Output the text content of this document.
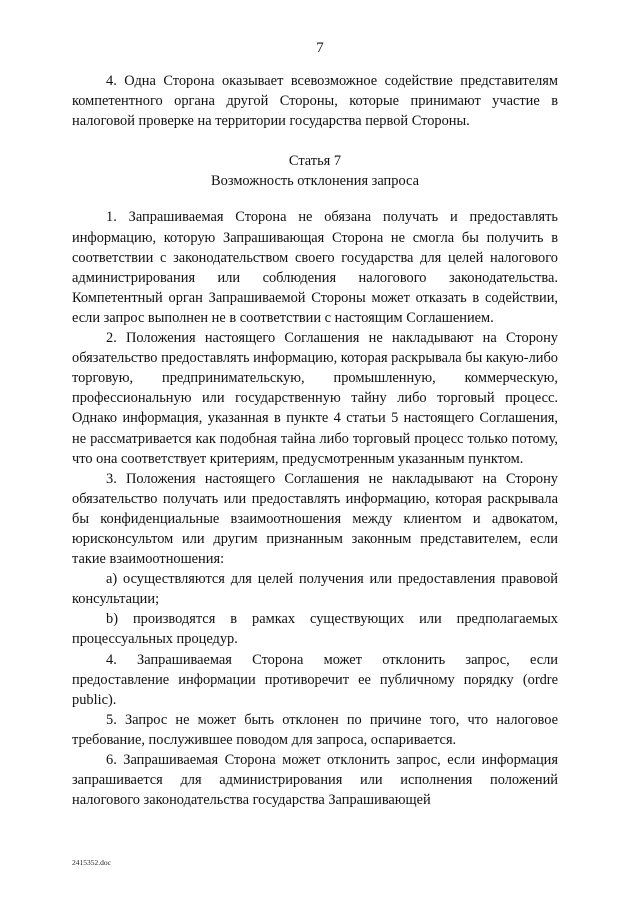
7

4. Одна Сторона оказывает всевозможное содействие представителям компетентного органа другой Стороны, которые принимают участие в налоговой проверке на территории государства первой Стороны.

Статья 7
Возможность отклонения запроса

1. Запрашиваемая Сторона не обязана получать и предоставлять информацию, которую Запрашивающая Сторона не смогла бы получить в соответствии с законодательством своего государства для целей налогового администрирования или соблюдения налогового законодательства. Компетентный орган Запрашиваемой Стороны может отказать в содействии, если запрос выполнен не в соответствии с настоящим Соглашением.

2. Положения настоящего Соглашения не накладывают на Сторону обязательство предоставлять информацию, которая раскрывала бы какую-либо торговую, предпринимательскую, промышленную, коммерческую, профессиональную или государственную тайну либо торговый процесс. Однако информация, указанная в пункте 4 статьи 5 настоящего Соглашения, не рассматривается как подобная тайна либо торговый процесс только потому, что она соответствует критериям, предусмотренным указанным пунктом.

3. Положения настоящего Соглашения не накладывают на Сторону обязательство получать или предоставлять информацию, которая раскрывала бы конфиденциальные взаимоотношения между клиентом и адвокатом, юрисконсультом или другим признанным законным представителем, если такие взаимоотношения:

a) осуществляются для целей получения или предоставления правовой консультации;

b) производятся в рамках существующих или предполагаемых процессуальных процедур.

4. Запрашиваемая Сторона может отклонить запрос, если предоставление информации противоречит ее публичному порядку (ordre public).

5. Запрос не может быть отклонен по причине того, что налоговое требование, послужившее поводом для запроса, оспаривается.

6. Запрашиваемая Сторона может отклонить запрос, если информация запрашивается для администрирования или исполнения положений налогового законодательства государства Запрашивающей

2415352.doc
